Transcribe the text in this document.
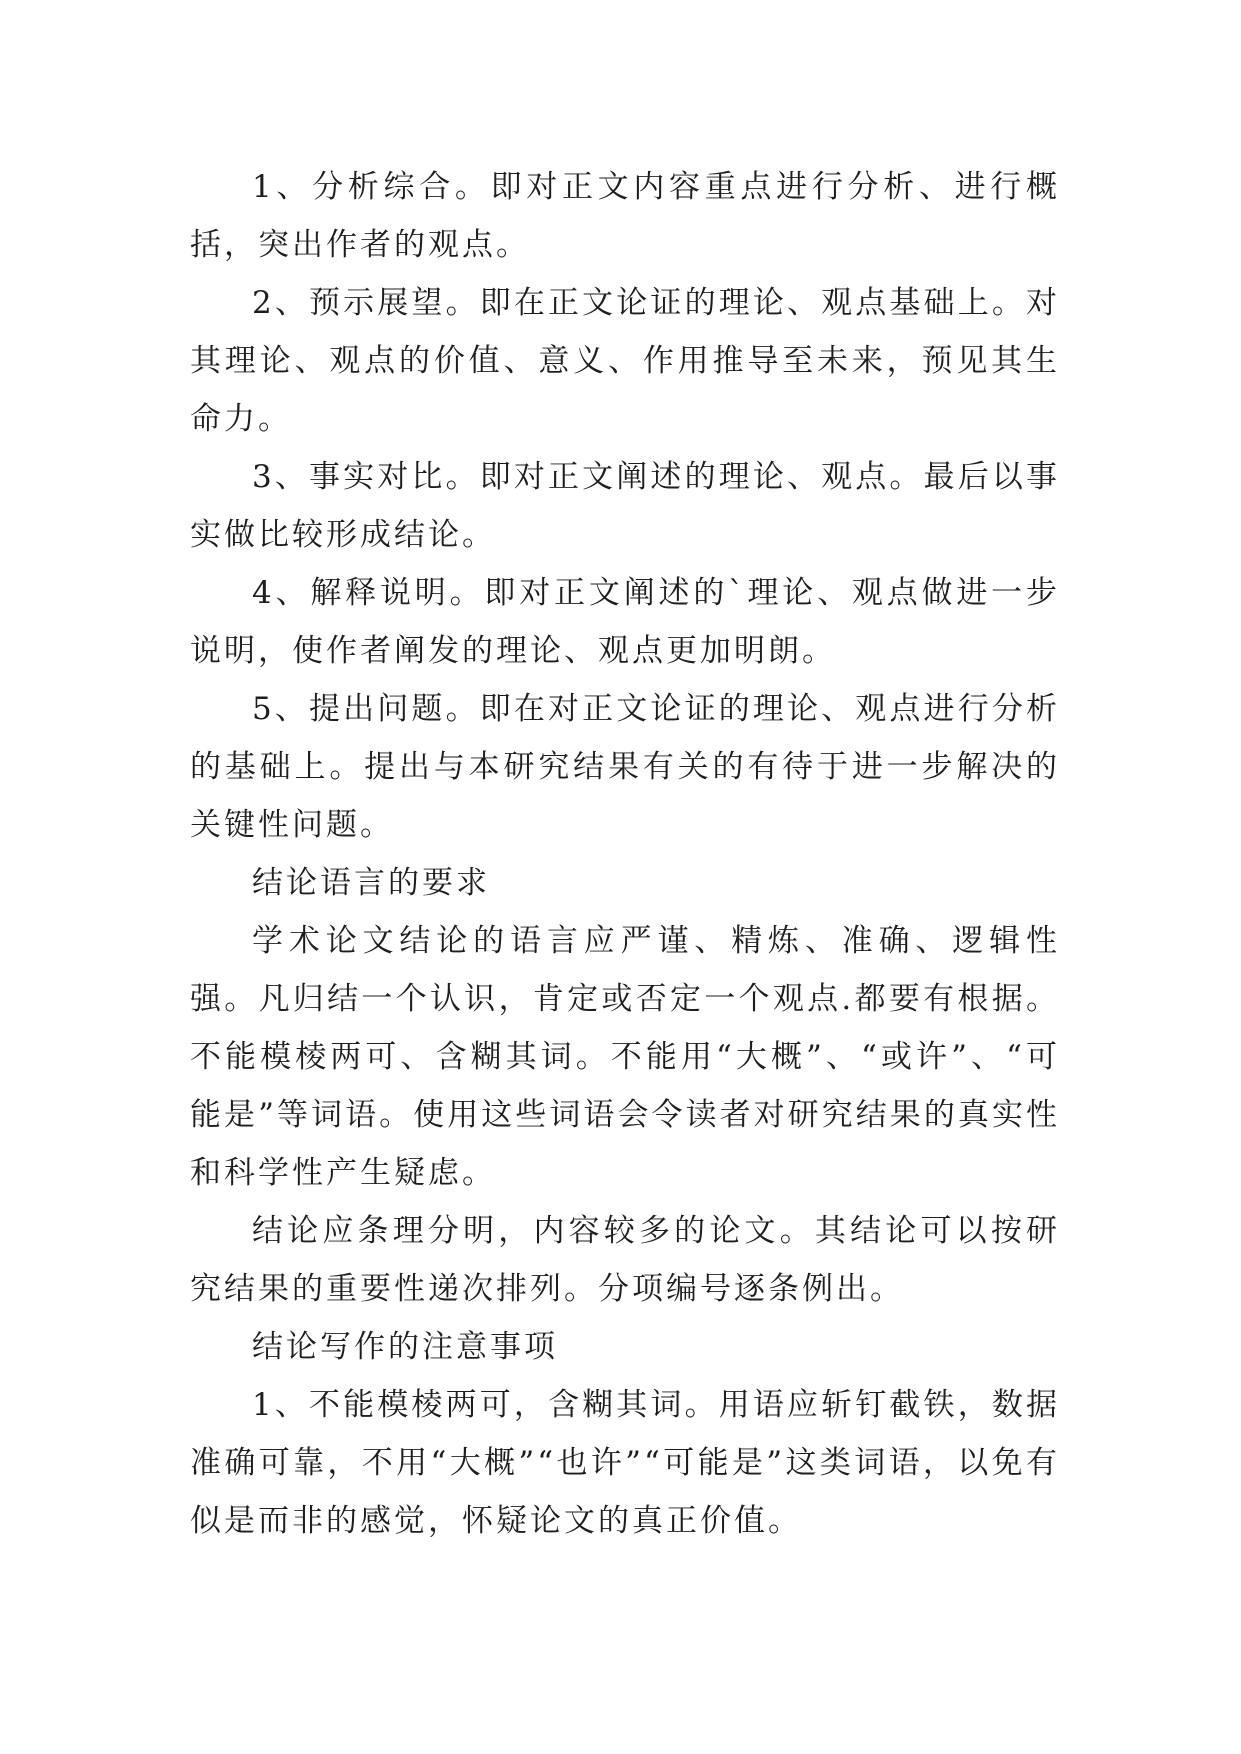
1、分析综合。即对正文内容重点进行分析、进行概括，突出作者的观点。

2、预示展望。即在正文论证的理论、观点基础上。对其理论、观点的价值、意义、作用推导至未来，预见其生命力。

3、事实对比。即对正文阐述的理论、观点。最后以事实做比较形成结论。

4、解释说明。即对正文阐述的`理论、观点做进一步说明，使作者阐发的理论、观点更加明朗。

5、提出问题。即在对正文论证的理论、观点进行分析的基础上。提出与本研究结果有关的有待于进一步解决的关键性问题。

结论语言的要求

学术论文结论的语言应严谨、精炼、准确、逻辑性强。凡归结一个认识，肯定或否定一个观点.都要有根据。不能模棱两可、含糊其词。不能用“大概”、“或许”、“可能是”等词语。使用这些词语会令读者对研究结果的真实性和科学性产生疑虑。

结论应条理分明，内容较多的论文。其结论可以按研究结果的重要性递次排列。分项编号逐条例出。

结论写作的注意事项

1、不能模棱两可，含糊其词。用语应斩钉截铁，数据准确可靠，不用“大概”“也许”“可能是”这类词语，以免有似是而非的感觉，怀疑论文的真正价值。
